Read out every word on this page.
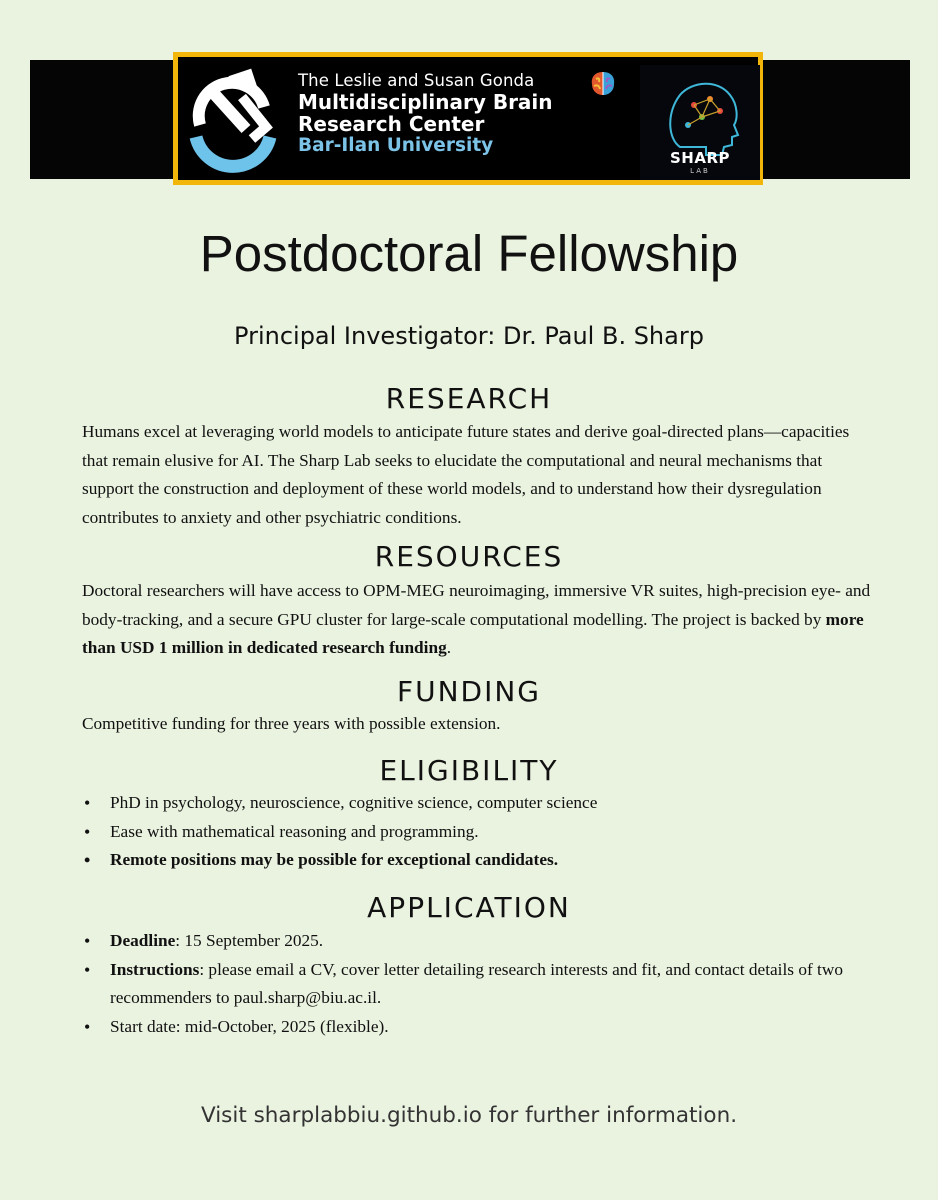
The Leslie and Susan Gonda
Multidisciplinary Brain
Research Center
Bar-Ilan University
SHARP
LAB
Postdoctoral Fellowship
Principal Investigator: Dr. Paul B. Sharp
RESEARCH
Humans excel at leveraging world models to anticipate future states and derive goal-directed plans—capacities that remain elusive for AI. The Sharp Lab seeks to elucidate the computational and neural mechanisms that support the construction and deployment of these world models, and to understand how their dysregulation contributes to anxiety and other psychiatric conditions.
RESOURCES
Doctoral researchers will have access to OPM-MEG neuroimaging, immersive VR suites, high-precision eye- and body-tracking, and a secure GPU cluster for large-scale computational modelling. The project is backed by more than USD 1 million in dedicated research funding.
FUNDING
Competitive funding for three years with possible extension.
ELIGIBILITY
• PhD in psychology, neuroscience, cognitive science, computer science
• Ease with mathematical reasoning and programming.
• Remote positions may be possible for exceptional candidates.
APPLICATION
• Deadline: 15 September 2025.
• Instructions: please email a CV, cover letter detailing research interests and fit, and contact details of two recommenders to paul.sharp@biu.ac.il.
• Start date: mid-October, 2025 (flexible).
Visit sharplabbiu.github.io for further information.
